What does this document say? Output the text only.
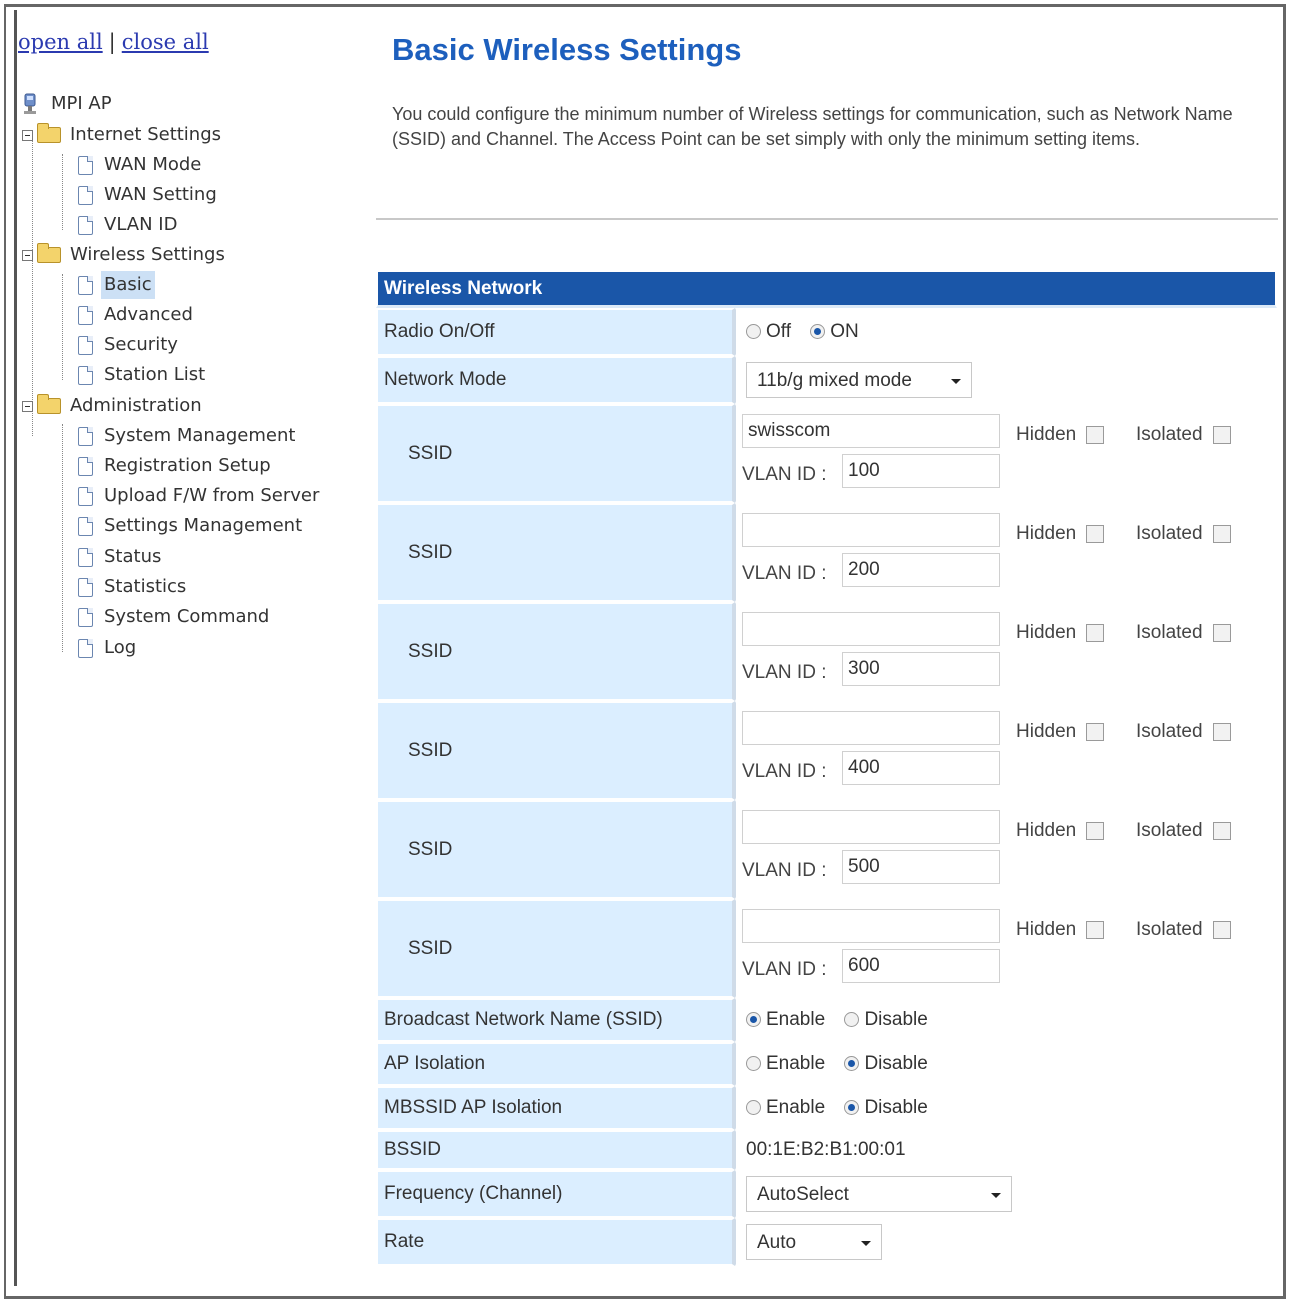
open all | close all
MPI AP
Internet Settings
WAN Mode
WAN Setting
VLAN ID
Wireless Settings
Basic
Advanced
Security
Station List
Administration
System Management
Registration Setup
Upload F/W from Server
Settings Management
Status
Statistics
System Command
Log
Basic Wireless Settings

You could configure the minimum number of Wireless settings for communication, such as Network Name (SSID) and Channel. The Access Point can be set simply with only the minimum setting items.

Wireless Network	
Radio On/Off	Off ON
Network Mode	11b/g mixed mode

SSID	swisscom Hidden Isolated
VLAN ID : 100

SSID	Hidden Isolated
VLAN ID : 200

SSID	Hidden Isolated
VLAN ID : 300

SSID	Hidden Isolated
VLAN ID : 400

SSID	Hidden Isolated
VLAN ID : 500

SSID	Hidden Isolated
VLAN ID : 600

Broadcast Network Name (SSID)	Enable Disable
AP Isolation	Enable Disable
MBSSID AP Isolation	Enable Disable
BSSID	00:1E:B2:B1:00:01
Frequency (Channel)	AutoSelect

Rate	Auto
